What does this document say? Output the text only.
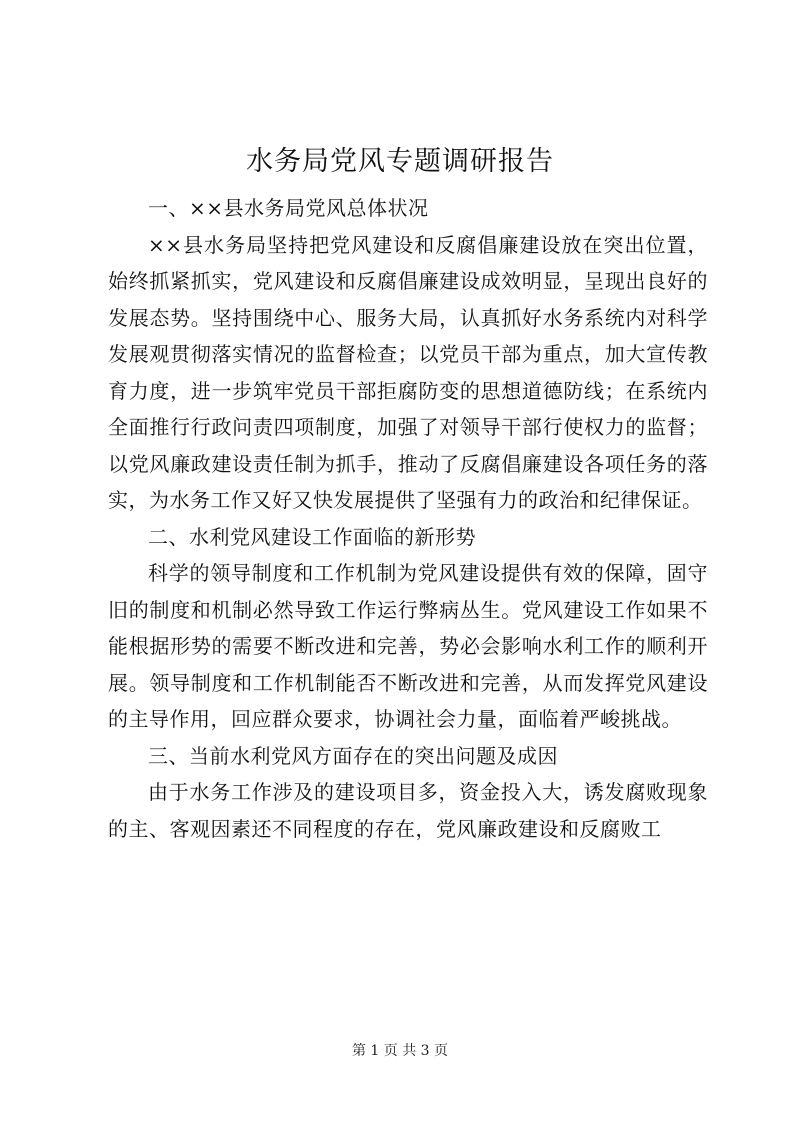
水务局党风专题调研报告

一、××县水务局党风总体状况

××县水务局坚持把党风建设和反腐倡廉建设放在突出位置，始终抓紧抓实，党风建设和反腐倡廉建设成效明显，呈现出良好的发展态势。坚持围绕中心、服务大局，认真抓好水务系统内对科学发展观贯彻落实情况的监督检查；以党员干部为重点，加大宣传教育力度，进一步筑牢党员干部拒腐防变的思想道德防线；在系统内全面推行行政问责四项制度，加强了对领导干部行使权力的监督；以党风廉政建设责任制为抓手，推动了反腐倡廉建设各项任务的落实，为水务工作又好又快发展提供了坚强有力的政治和纪律保证。

二、水利党风建设工作面临的新形势

科学的领导制度和工作机制为党风建设提供有效的保障，固守旧的制度和机制必然导致工作运行弊病丛生。党风建设工作如果不能根据形势的需要不断改进和完善，势必会影响水利工作的顺利开展。领导制度和工作机制能否不断改进和完善，从而发挥党风建设的主导作用，回应群众要求，协调社会力量，面临着严峻挑战。

三、当前水利党风方面存在的突出问题及成因

由于水务工作涉及的建设项目多，资金投入大，诱发腐败现象的主、客观因素还不同程度的存在，党风廉政建设和反腐败工

第 1 页 共 3 页
